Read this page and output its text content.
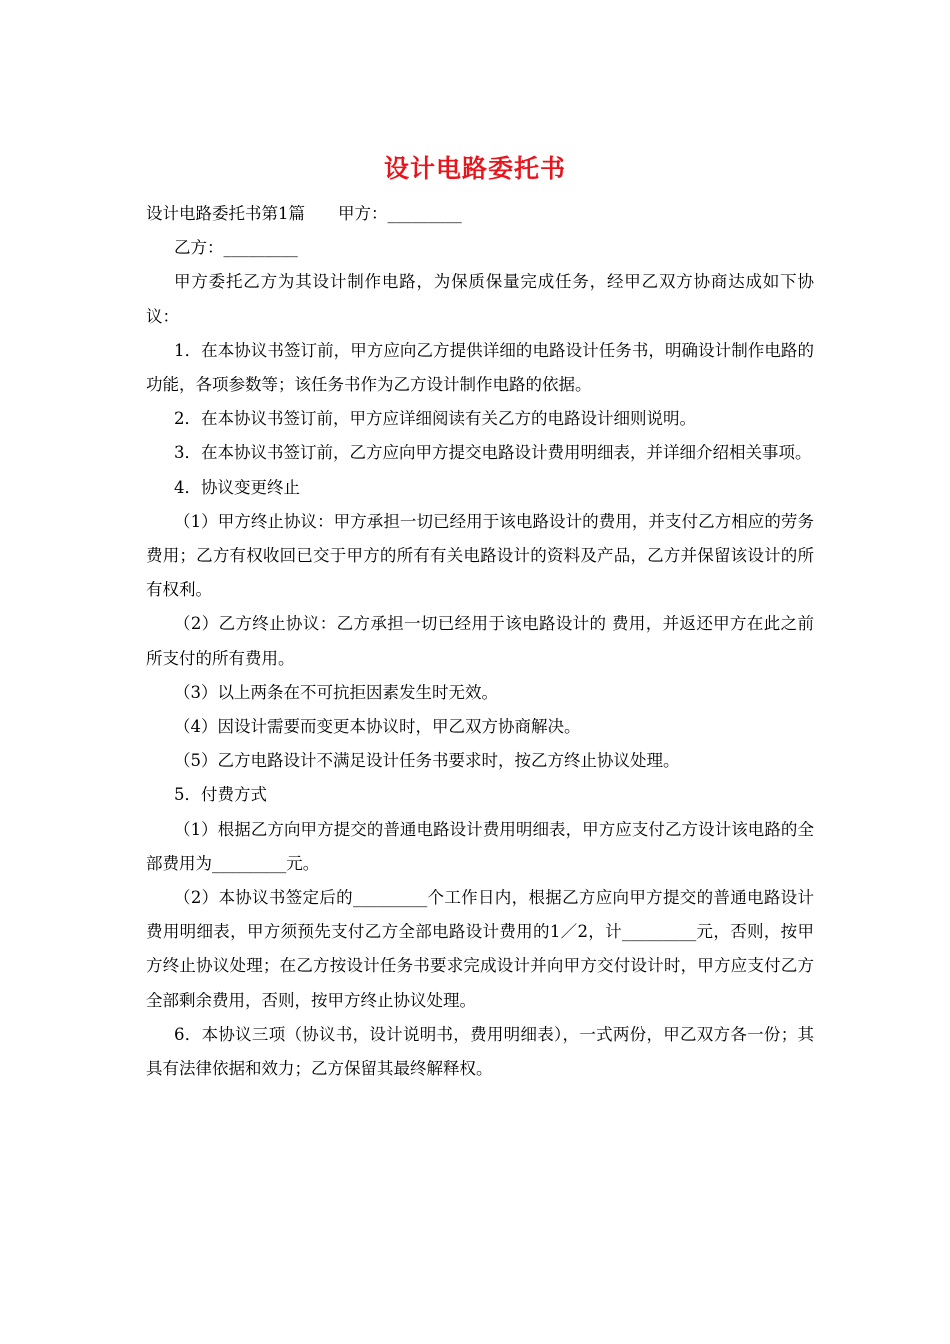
设计电路委托书

设计电路委托书第1篇　　甲方：_________

乙方：_________

甲方委托乙方为其设计制作电路，为保质保量完成任务，经甲乙双方协商达成如下协议：

1．在本协议书签订前，甲方应向乙方提供详细的电路设计任务书，明确设计制作电路的功能，各项参数等；该任务书作为乙方设计制作电路的依据。

2．在本协议书签订前，甲方应详细阅读有关乙方的电路设计细则说明。

3．在本协议书签订前，乙方应向甲方提交电路设计费用明细表，并详细介绍相关事项。

4．协议变更终止

（1）甲方终止协议：甲方承担一切已经用于该电路设计的费用，并支付乙方相应的劳务费用；乙方有权收回已交于甲方的所有有关电路设计的资料及产品，乙方并保留该设计的所有权利。

（2）乙方终止协议：乙方承担一切已经用于该电路设计的 费用，并返还甲方在此之前所支付的所有费用。

（3）以上两条在不可抗拒因素发生时无效。

（4）因设计需要而变更本协议时，甲乙双方协商解决。

（5）乙方电路设计不满足设计任务书要求时，按乙方终止协议处理。

5．付费方式

（1）根据乙方向甲方提交的普通电路设计费用明细表，甲方应支付乙方设计该电路的全部费用为_________元。

（2）本协议书签定后的_________个工作日内，根据乙方应向甲方提交的普通电路设计费用明细表，甲方须预先支付乙方全部电路设计费用的1／2，计_________元，否则，按甲方终止协议处理；在乙方按设计任务书要求完成设计并向甲方交付设计时，甲方应支付乙方全部剩余费用，否则，按甲方终止协议处理。

6．本协议三项（协议书，设计说明书，费用明细表），一式两份，甲乙双方各一份；其具有法律依据和效力；乙方保留其最终解释权。
